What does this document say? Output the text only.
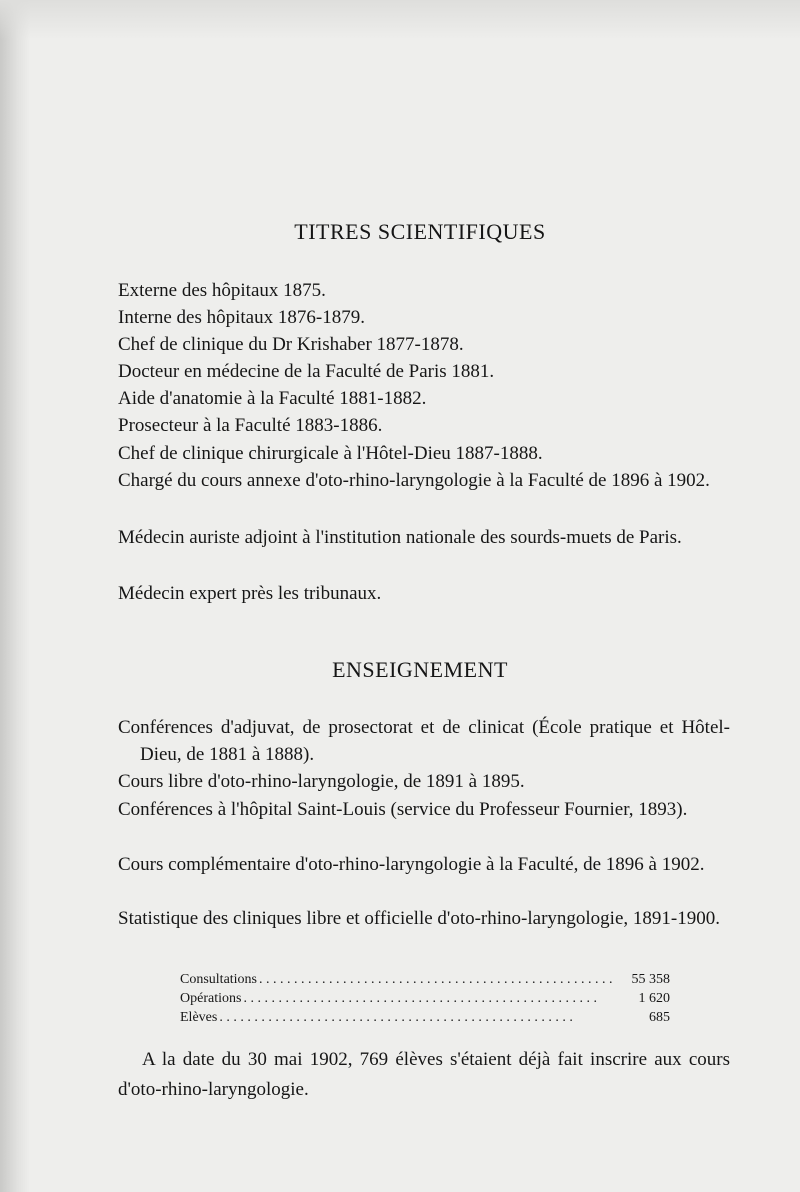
TITRES SCIENTIFIQUES
Externe des hôpitaux 1875.
Interne des hôpitaux 1876-1879.
Chef de clinique du Dr Krishaber 1877-1878.
Docteur en médecine de la Faculté de Paris 1881.
Aide d'anatomie à la Faculté 1881-1882.
Prosecteur à la Faculté 1883-1886.
Chef de clinique chirurgicale à l'Hôtel-Dieu 1887-1888.
Chargé du cours annexe d'oto-rhino-laryngologie à la Faculté de 1896 à 1902.
Médecin auriste adjoint à l'institution nationale des sourds-muets de Paris.
Médecin expert près les tribunaux.
ENSEIGNEMENT
Conférences d'adjuvat, de prosectorat et de clinicat (École pratique et Hôtel-Dieu, de 1881 à 1888).
Cours libre d'oto-rhino-laryngologie, de 1891 à 1895.
Conférences à l'hôpital Saint-Louis (service du Professeur Fournier, 1893).
Cours complémentaire d'oto-rhino-laryngologie à la Faculté, de 1896 à 1902.
Statistique des cliniques libre et officielle d'oto-rhino-laryngologie, 1891-1900.
Consultations . . . . . . . . . . . . . . . . . . . . . . . . . . . . . . . . . . . . . . . . . . . . . . . . . . .	55 358
Opérations . . . . . . . . . . . . . . . . . . . . . . . . . . . . . . . . . . . . . . . . . . . . . . . . . . .	1 620
Elèves . . . . . . . . . . . . . . . . . . . . . . . . . . . . . . . . . . . . . . . . . . . . . . . . . . .	685

A la date du 30 mai 1902, 769 élèves s'étaient déjà fait inscrire aux cours d'oto-rhino-laryngologie.
